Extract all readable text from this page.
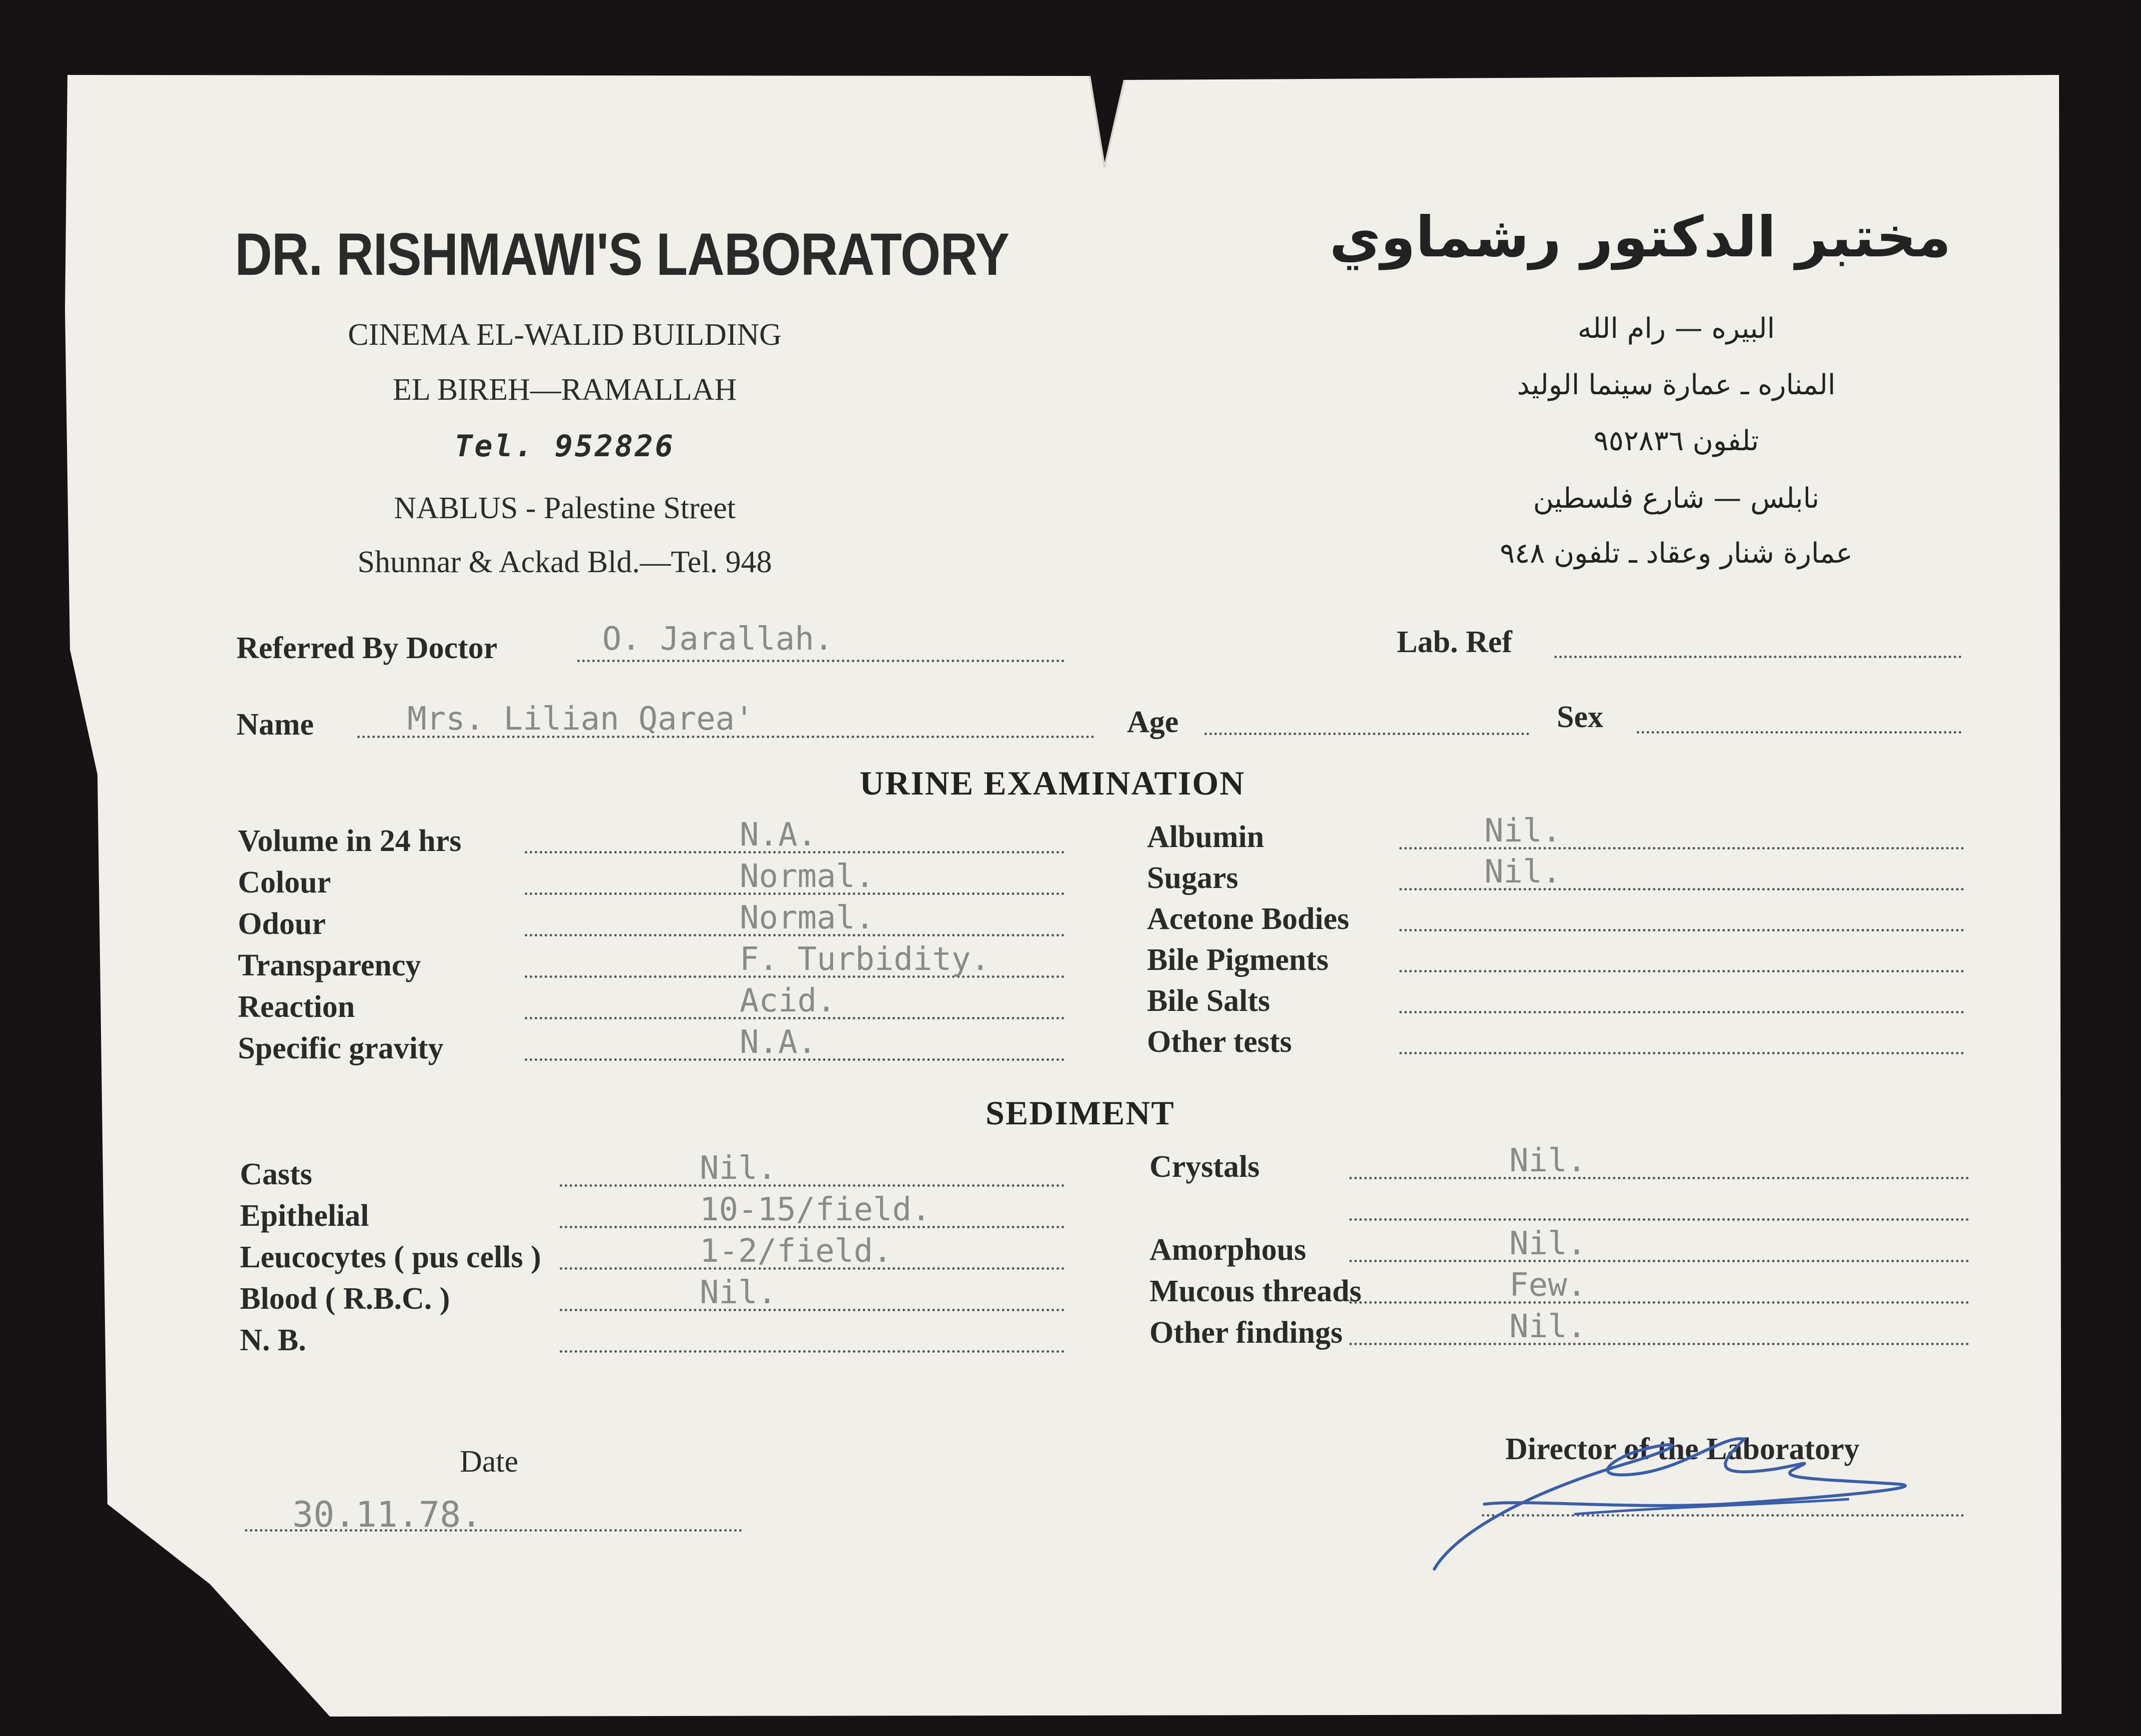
DR. RISHMAWI'S LABORATORY
CINEMA EL-WALID BUILDING
EL BIREH—RAMALLAH
Tel. 952826
NABLUS - Palestine Street
Shunnar & Ackad Bld.—Tel. 948
مختبر الدكتور رشماوي
البيره — رام الله
المناره ـ عمارة سينما الوليد
تلفون ٩٥٢٨٣٦
نابلس — شارع فلسطين
عمارة شنار وعقاد ـ تلفون ٩٤٨
Referred By Doctor	O. Jarallah.	Lab. Ref
Name	Mrs. Lilian Qarea'	Age	Sex
URINE EXAMINATION
Volume in 24 hrs	N.A.
Colour	Normal.
Odour	Normal.
Transparency	F. Turbidity.
Reaction	Acid.
Specific gravity	N.A.
Albumin	Nil.
Sugars	Nil.
Acetone Bodies
Bile Pigments
Bile Salts
Other tests
SEDIMENT
Casts	Nil.
Epithelial	10-15/field.
Leucocytes ( pus cells )	1-2/field.
Blood ( R.B.C. )	Nil.
N. B.
Crystals	Nil.
Amorphous	Nil.
Mucous threads	Few.
Other findings	Nil.
Date
30.11.78.
Director of the Laboratory
